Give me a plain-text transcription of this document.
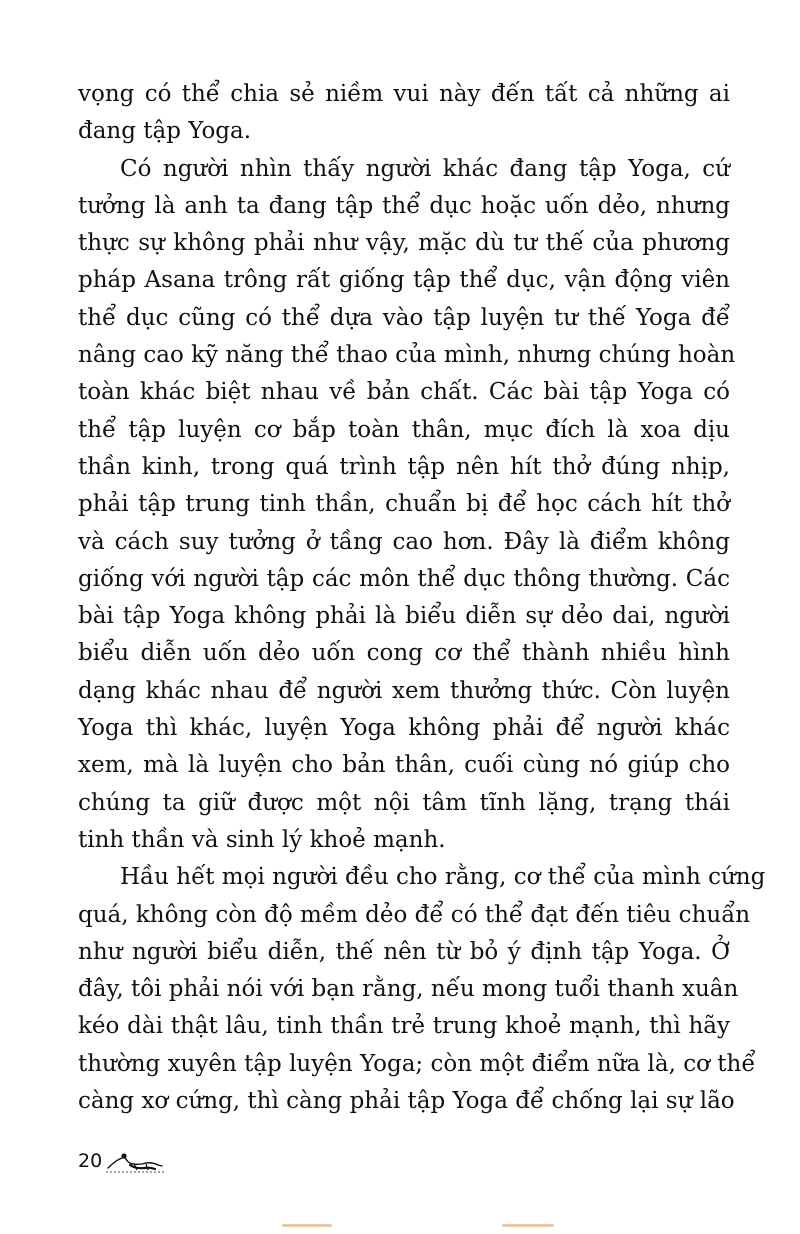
vọng có thể chia sẻ niềm vui này đến tất cả những ai
đang tập Yoga.
Có người nhìn thấy người khác đang tập Yoga, cứ
tưởng là anh ta đang tập thể dục hoặc uốn dẻo, nhưng
thực sự không phải như vậy, mặc dù tư thế của phương
pháp Asana trông rất giống tập thể dục, vận động viên
thể dục cũng có thể dựa vào tập luyện tư thế Yoga để
nâng cao kỹ năng thể thao của mình, nhưng chúng hoàn
toàn khác biệt nhau về bản chất. Các bài tập Yoga có
thể tập luyện cơ bắp toàn thân, mục đích là xoa dịu
thần kinh, trong quá trình tập nên hít thở đúng nhịp,
phải tập trung tinh thần, chuẩn bị để học cách hít thở
và cách suy tưởng ở tầng cao hơn. Đây là điểm không
giống với người tập các môn thể dục thông thường. Các
bài tập Yoga không phải là biểu diễn sự dẻo dai, người
biểu diễn uốn dẻo uốn cong cơ thể thành nhiều hình
dạng khác nhau để người xem thưởng thức. Còn luyện
Yoga thì khác, luyện Yoga không phải để người khác
xem, mà là luyện cho bản thân, cuối cùng nó giúp cho
chúng ta giữ được một nội tâm tĩnh lặng, trạng thái
tinh thần và sinh lý khoẻ mạnh.
Hầu hết mọi người đều cho rằng, cơ thể của mình cứng
quá, không còn độ mềm dẻo để có thể đạt đến tiêu chuẩn
như người biểu diễn, thế nên từ bỏ ý định tập Yoga. Ở
đây, tôi phải nói với bạn rằng, nếu mong tuổi thanh xuân
kéo dài thật lâu, tinh thần trẻ trung khoẻ mạnh, thì hãy
thường xuyên tập luyện Yoga; còn một điểm nữa là, cơ thể
càng xơ cứng, thì càng phải tập Yoga để chống lại sự lão
20
